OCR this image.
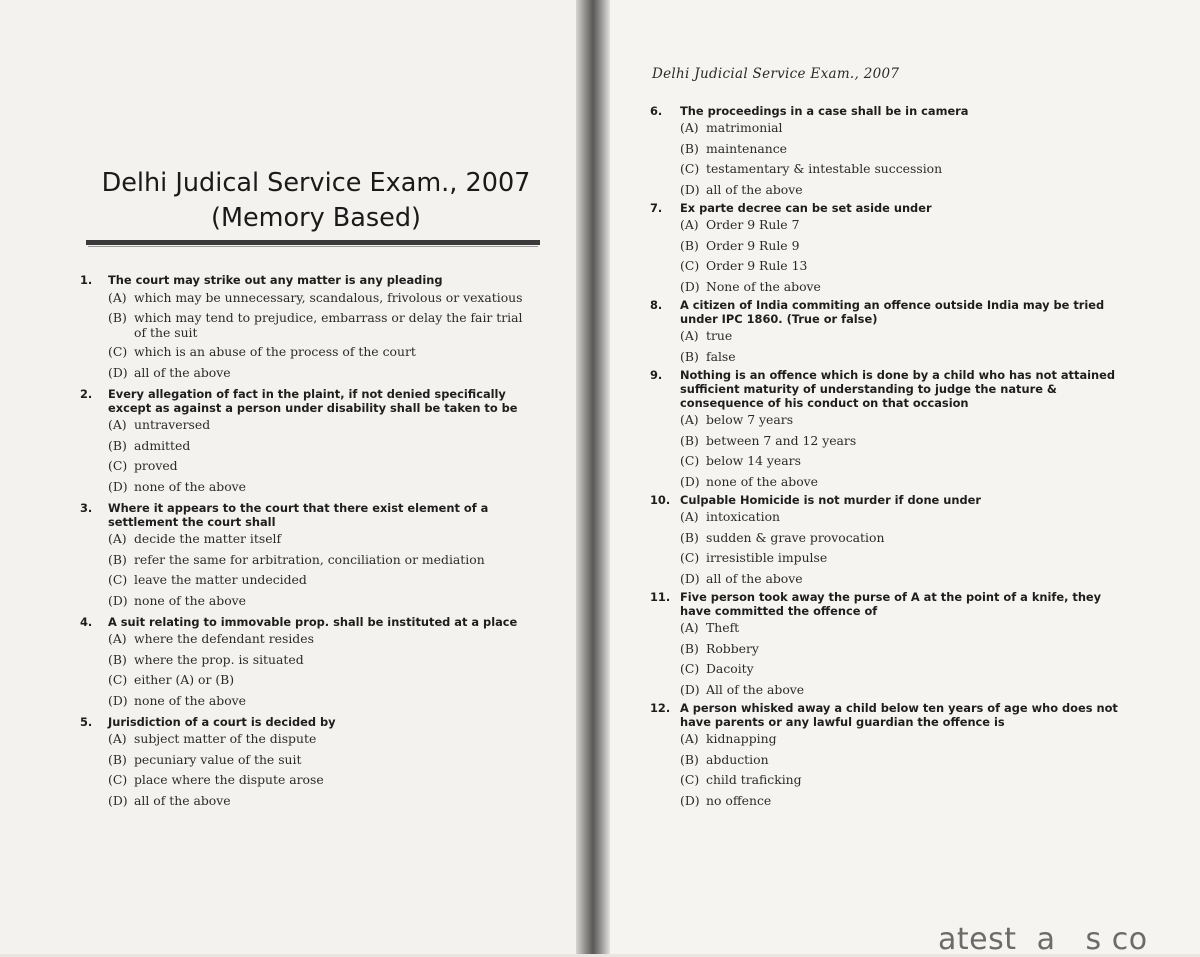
Delhi Judical Service Exam., 2007
(Memory Based)
Delhi Judicial Service Exam., 2007
1.	The court may strike out any matter is any pleading
(A) which may be unnecessary, scandalous, frivolous or vexatious
(B) which may tend to prejudice, embarrass or delay the fair trial of the suit
(C) which is an abuse of the process of the court
(D) all of the above
2.	Every allegation of fact in the plaint, if not denied specifically except as against a person under disability shall be taken to be
(A) untraversed
(B) admitted
(C) proved
(D) none of the above
3.	Where it appears to the court that there exist element of a settlement the court shall
(A) decide the matter itself
(B) refer the same for arbitration, conciliation or mediation
(C) leave the matter undecided
(D) none of the above
4.	A suit relating to immovable prop. shall be instituted at a place
(A) where the defendant resides
(B) where the prop. is situated
(C) either (A) or (B)
(D) none of the above
5.	Jurisdiction of a court is decided by
(A) subject matter of the dispute
(B) pecuniary value of the suit
(C) place where the dispute arose
(D) all of the above
6.	The proceedings in a case shall be in camera
(A) matrimonial
(B) maintenance
(C) testamentary & intestable succession
(D) all of the above
7.	Ex parte decree can be set aside under
(A) Order 9 Rule 7
(B) Order 9 Rule 9
(C) Order 9 Rule 13
(D) None of the above
8.	A citizen of India commiting an offence outside India may be tried under IPC 1860. (True or false)
(A) true
(B) false
9.	Nothing is an offence which is done by a child who has not attained sufficient maturity of understanding to judge the nature & consequence of his conduct on that occasion
(A) below 7 years
(B) between 7 and 12 years
(C) below 14 years
(D) none of the above
10. Culpable Homicide is not murder if done under
(A) intoxication
(B) sudden & grave provocation
(C) irresistible impulse
(D) all of the above
11. Five person took away the purse of A at the point of a knife, they have committed the offence of
(A) Theft
(B) Robbery
(C) Dacoity
(D) All of the above
12. A person whisked away a child below ten years of age who does not have parents or any lawful guardian the offence is
(A) kidnapping
(B) abduction
(C) child traficking
(D) no offence
atest  a   s co
